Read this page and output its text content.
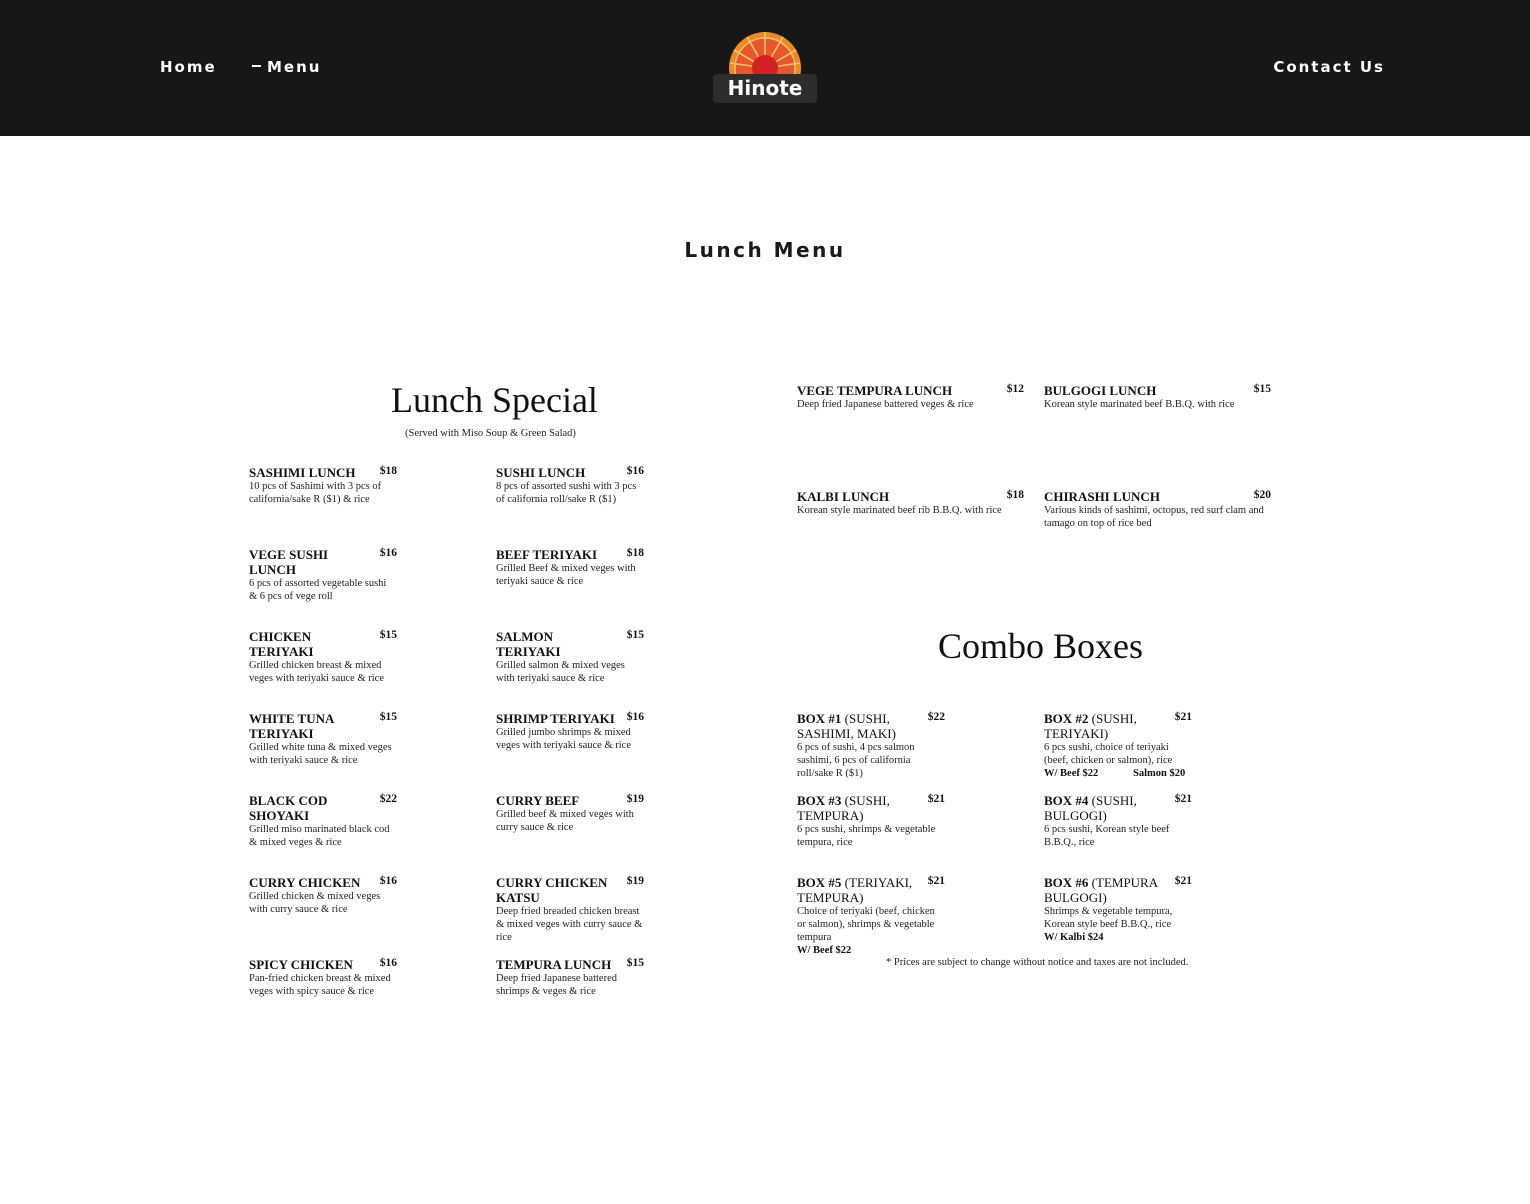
Home	Menu
Hinote
Contact Us
Lunch Menu
Lunch Special
(Served with Miso Soup & Green Salad)
SASHIMI LUNCH	$18
10 pcs of Sashimi with 3 pcs of california/sake R ($1) & rice
SUSHI LUNCH	$16
8 pcs of assorted sushi with 3 pcs of california roll/sake R ($1)
VEGE SUSHI LUNCH
$16
6 pcs of assorted vegetable sushi & 6 pcs of vege roll
BEEF TERIYAKI	$18
Grilled Beef & mixed veges with teriyaki sauce & rice
CHICKEN TERIYAKI
$15
Grilled chicken breast & mixed veges with teriyaki sauce & rice
SALMON TERIYAKI
$15
Grilled salmon & mixed veges with teriyaki sauce & rice
WHITE TUNA TERIYAKI
$15
Grilled white tuna & mixed veges with teriyaki sauce & rice
SHRIMP TERIYAKI $16
Grilled jumbo shrimps & mixed veges with teriyaki sauce & rice
BLACK COD SHOYAKI
$22
Grilled miso marinated black cod & mixed veges & rice
CURRY BEEF	$19
Grilled beef & mixed veges with curry sauce & rice
CURRY CHICKEN	$16
Grilled chicken & mixed veges with curry sauce & rice
CURRY CHICKEN KATSU
$19
Deep fried breaded chicken breast & mixed veges with curry sauce & rice
SPICY CHICKEN	$16
Pan-fried chicken breast & mixed veges with spicy sauce & rice
TEMPURA LUNCH	$15
Deep fried Japanese battered shrimps & veges & rice
VEGE TEMPURA LUNCH	$12
Deep fried Japanese battered veges & rice
BULGOGI LUNCH	$15
Korean style marinated beef B.B.Q. with rice
KALBI LUNCH	$18
Korean style marinated beef rib B.B.Q. with rice
CHIRASHI LUNCH	$20
Various kinds of sashimi, octopus, red surf clam and tamago on top of rice bed
Combo Boxes
BOX #1 (SUSHI, SASHIMI, MAKI)
$22
6 pcs of sushi, 4 pcs salmon sashimi, 6 pcs of california roll/sake R ($1)
BOX #2 (SUSHI, TERIYAKI)
$21
6 pcs sushi, choice of teriyaki (beef, chicken or salmon), rice
W/ Beef $22	Salmon $20
BOX #3 (SUSHI, TEMPURA)
$21
6 pcs sushi, shrimps & vegetable tempura, rice
BOX #4 (SUSHI, BULGOGI)
$21
6 pcs sushi, Korean style beef B.B.Q., rice
BOX #5 (TERIYAKI, TEMPURA)
$21
Choice of teriyaki (beef, chicken or salmon), shrimps & vegetable tempura
W/ Beef $22
BOX #6 (TEMPURA BULGOGI)
$21
Shrimps & vegetable tempura, Korean style beef B.B.Q., rice
W/ Kalbi $24
* Prices are subject to change without notice and taxes are not included.
